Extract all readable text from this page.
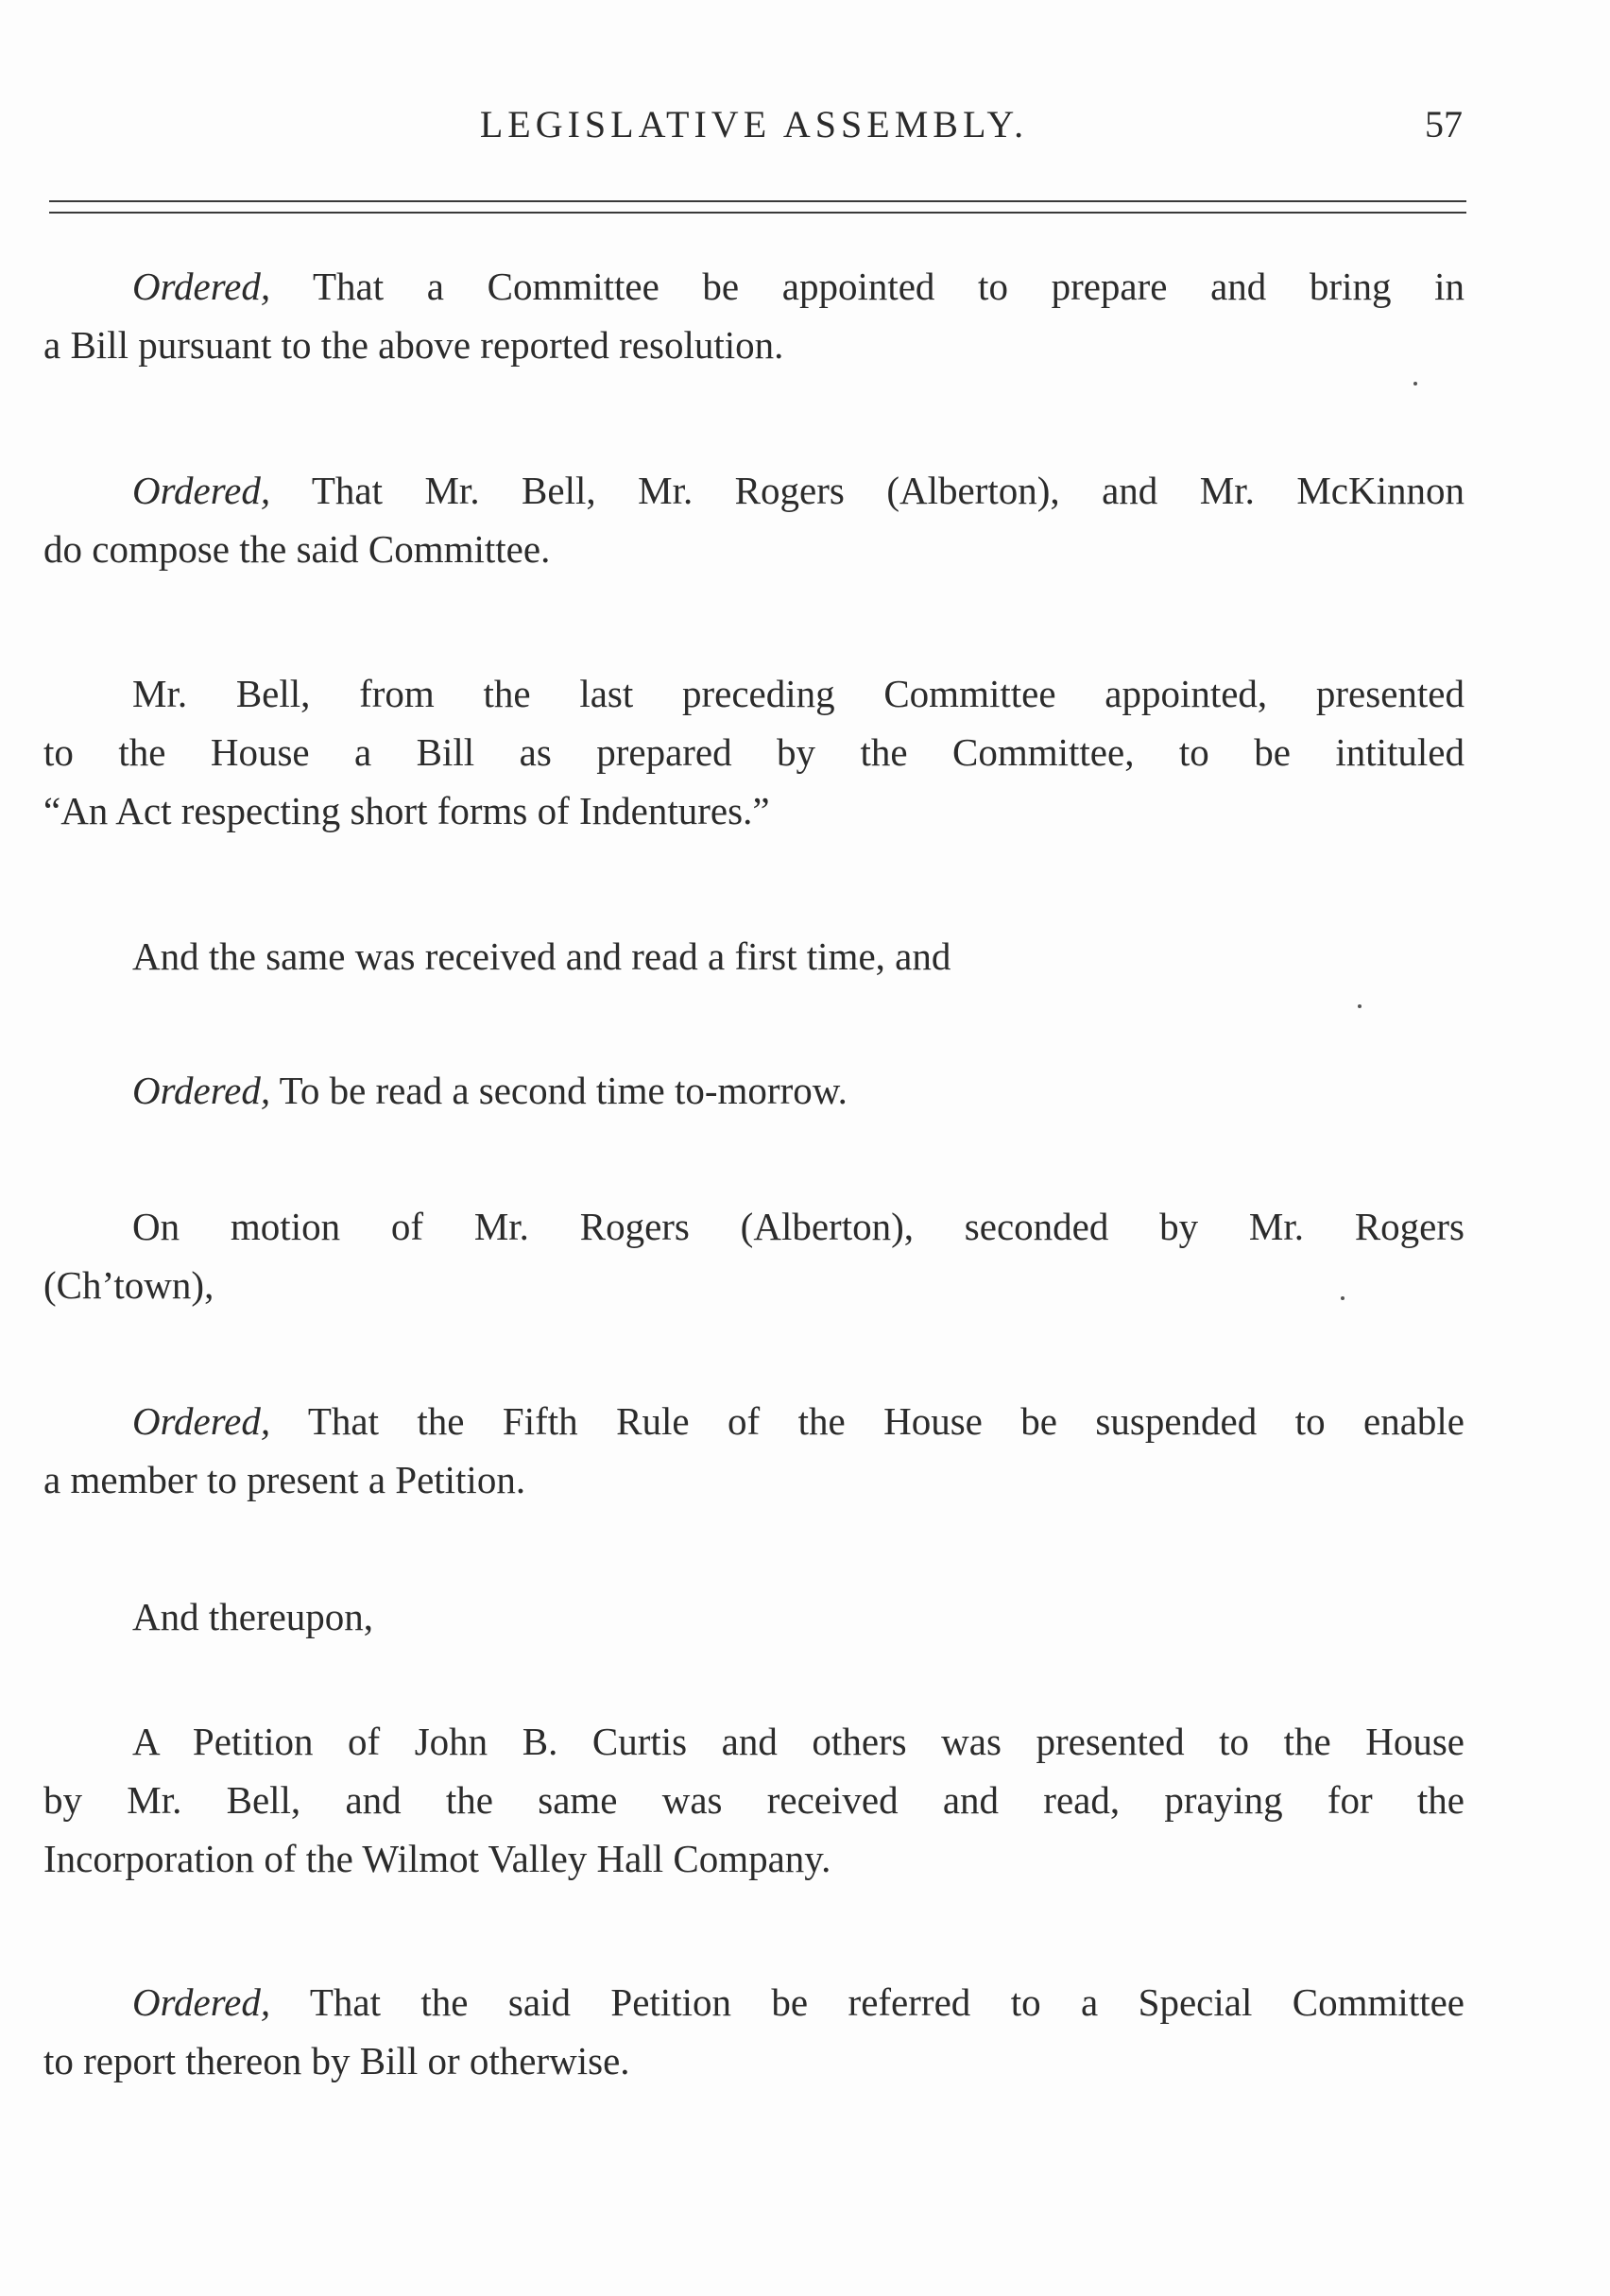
LEGISLATIVE ASSEMBLY.	57
Ordered, That a Committee be appointed to prepare and bring in
a Bill pursuant to the above reported resolution.
Ordered, That Mr. Bell, Mr. Rogers (Alberton), and Mr. McKinnon
do compose the said Committee.
Mr. Bell, from the last preceding Committee appointed, presented
to the House a Bill as prepared by the Committee, to be intituled
“An Act respecting short forms of Indentures.”
And the same was received and read a first time, and
Ordered, To be read a second time to-morrow.
On motion of Mr. Rogers (Alberton), seconded by Mr. Rogers
(Ch’town),
Ordered, That the Fifth Rule of the House be suspended to enable
a member to present a Petition.
And thereupon,
A Petition of John B. Curtis and others was presented to the House
by Mr. Bell, and the same was received and read, praying for the
Incorporation of the Wilmot Valley Hall Company.
Ordered, That the said Petition be referred to a Special Committee
to report thereon by Bill or otherwise.
